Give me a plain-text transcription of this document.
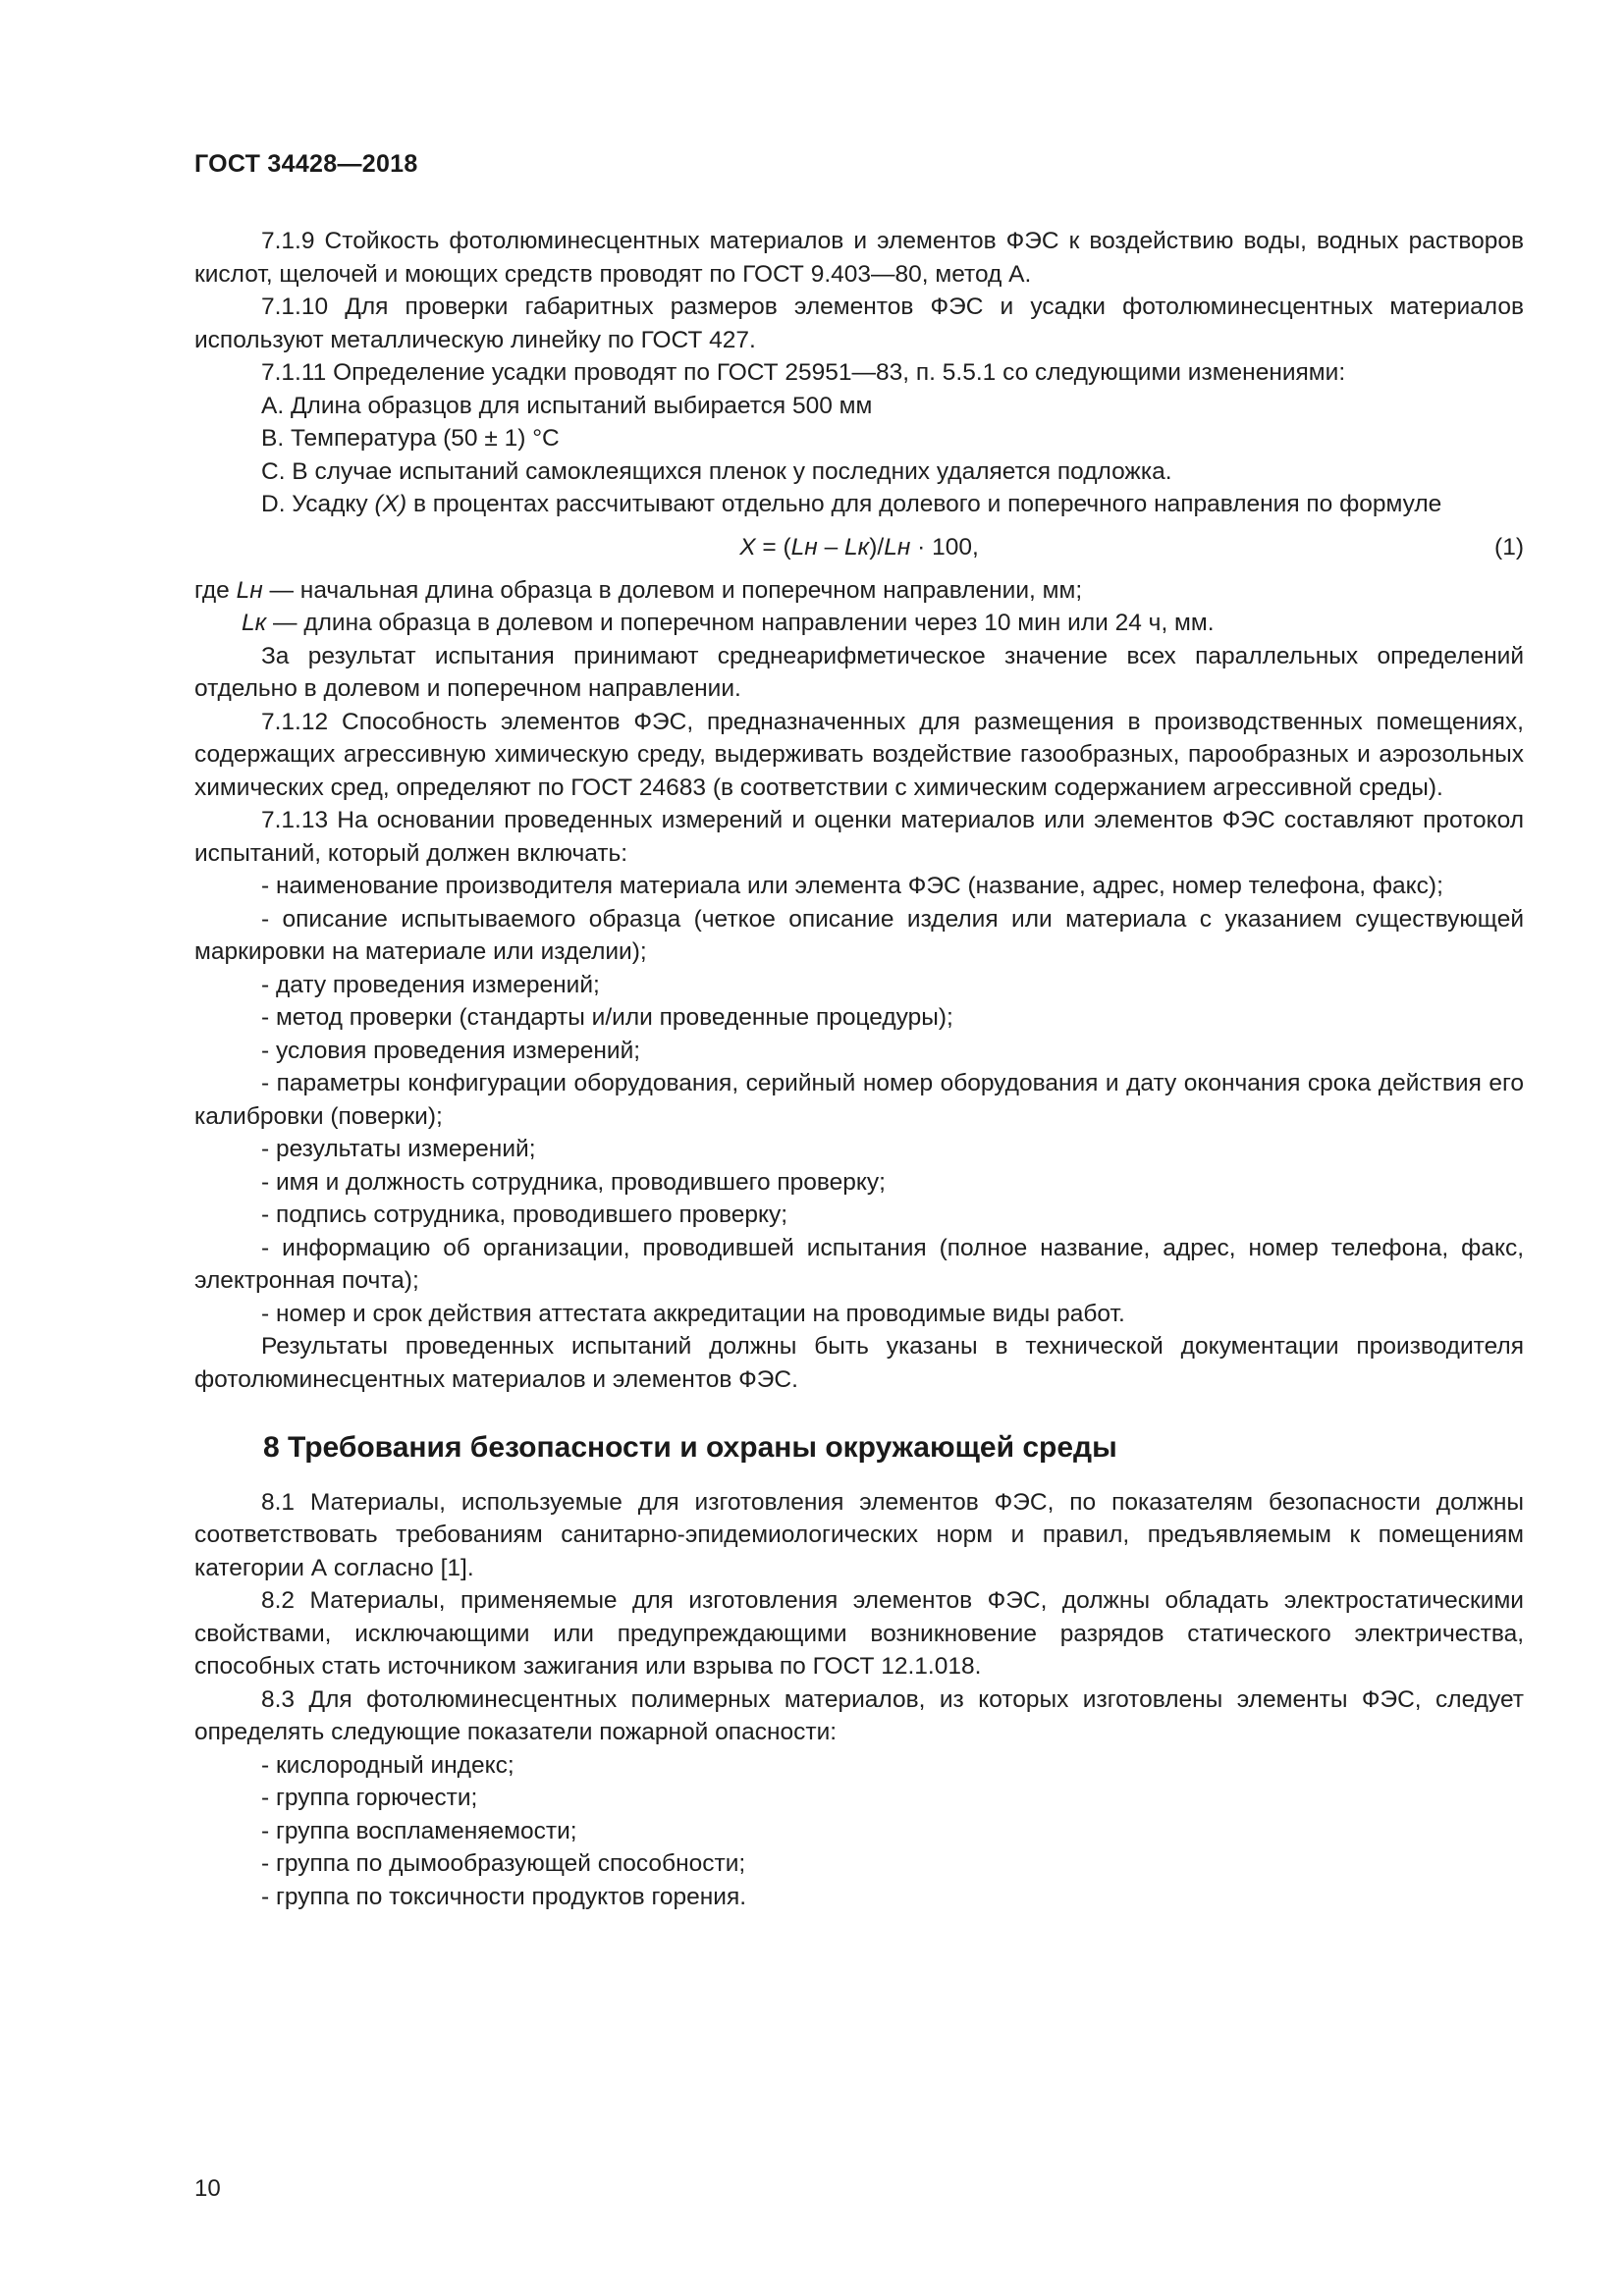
ГОСТ 34428—2018

7.1.9 Стойкость фотолюминесцентных материалов и элементов ФЭС к воздействию воды, водных растворов кислот, щелочей и моющих средств проводят по ГОСТ 9.403—80, метод А.

7.1.10 Для проверки габаритных размеров элементов ФЭС и усадки фотолюминесцентных материалов используют металлическую линейку по ГОСТ 427.

7.1.11 Определение усадки проводят по ГОСТ 25951—83, п. 5.5.1 со следующими изменениями:

A. Длина образцов для испытаний выбирается 500 мм

B. Температура (50 ± 1) °С

C. В случае испытаний самоклеящихся пленок у последних удаляется подложка.

D. Усадку (X) в процентах рассчитывают отдельно для долевого и поперечного направления по формуле

X = (Lн – Lк)/Lн · 100,	(1)

где Lн — начальная длина образца в долевом и поперечном направлении, мм;

Lк — длина образца в долевом и поперечном направлении через 10 мин или 24 ч, мм.

За результат испытания принимают среднеарифметическое значение всех параллельных определений отдельно в долевом и поперечном направлении.

7.1.12 Способность элементов ФЭС, предназначенных для размещения в производственных помещениях, содержащих агрессивную химическую среду, выдерживать воздействие газообразных, парообразных и аэрозольных химических сред, определяют по ГОСТ 24683 (в соответствии с химическим содержанием агрессивной среды).

7.1.13 На основании проведенных измерений и оценки материалов или элементов ФЭС составляют протокол испытаний, который должен включать:

- наименование производителя материала или элемента ФЭС (название, адрес, номер телефона, факс);

- описание испытываемого образца (четкое описание изделия или материала с указанием существующей маркировки на материале или изделии);

- дату проведения измерений;

- метод проверки (стандарты и/или проведенные процедуры);

- условия проведения измерений;

- параметры конфигурации оборудования, серийный номер оборудования и дату окончания срока действия его калибровки (поверки);

- результаты измерений;

- имя и должность сотрудника, проводившего проверку;

- подпись сотрудника, проводившего проверку;

- информацию об организации, проводившей испытания (полное название, адрес, номер телефона, факс, электронная почта);

- номер и срок действия аттестата аккредитации на проводимые виды работ.

Результаты проведенных испытаний должны быть указаны в технической документации производителя фотолюминесцентных материалов и элементов ФЭС.

8 Требования безопасности и охраны окружающей среды

8.1 Материалы, используемые для изготовления элементов ФЭС, по показателям безопасности должны соответствовать требованиям санитарно-эпидемиологических норм и правил, предъявляемым к помещениям категории А согласно [1].

8.2 Материалы, применяемые для изготовления элементов ФЭС, должны обладать электростатическими свойствами, исключающими или предупреждающими возникновение разрядов статического электричества, способных стать источником зажигания или взрыва по ГОСТ 12.1.018.

8.3 Для фотолюминесцентных полимерных материалов, из которых изготовлены элементы ФЭС, следует определять следующие показатели пожарной опасности:

- кислородный индекс;

- группа горючести;

- группа воспламеняемости;

- группа по дымообразующей способности;

- группа по токсичности продуктов горения.

10
